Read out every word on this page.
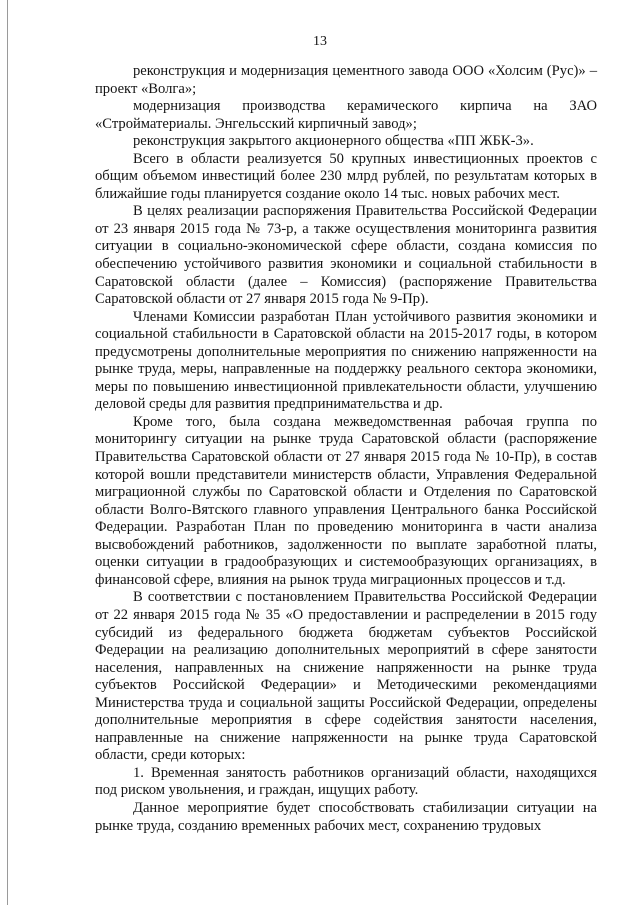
13

реконструкция и модернизация цементного завода ООО «Холсим (Рус)» – проект «Волга»;

модернизация производства керамического кирпича на ЗАО «Стройматериалы. Энгельсский кирпичный завод»;

реконструкция закрытого акционерного общества «ПП ЖБК-3».

Всего в области реализуется 50 крупных инвестиционных проектов с общим объемом инвестиций более 230 млрд рублей, по результатам которых в ближайшие годы планируется создание около 14 тыс. новых рабочих мест.

В целях реализации распоряжения Правительства Российской Федерации от 23 января 2015 года № 73-р, а также осуществления мониторинга развития ситуации в социально-экономической сфере области, создана комиссия по обеспечению устойчивого развития экономики и социальной стабильности в Саратовской области (далее – Комиссия) (распоряжение Правительства Саратовской области от 27 января 2015 года № 9-Пр).

Членами Комиссии разработан План устойчивого развития экономики и социальной стабильности в Саратовской области на 2015-2017 годы, в котором предусмотрены дополнительные мероприятия по снижению напряженности на рынке труда, меры, направленные на поддержку реального сектора экономики, меры по повышению инвестиционной привлекательности области, улучшению деловой среды для развития предпринимательства и др.

Кроме того, была создана межведомственная рабочая группа по мониторингу ситуации на рынке труда Саратовской области (распоряжение Правительства Саратовской области от 27 января 2015 года № 10-Пр), в состав которой вошли представители министерств области, Управления Федеральной миграционной службы по Саратовской области и Отделения по Саратовской области Волго-Вятского главного управления Центрального банка Российской Федерации. Разработан План по проведению мониторинга в части анализа высвобождений работников, задолженности по выплате заработной платы, оценки ситуации в градообразующих и системообразующих организациях, в финансовой сфере, влияния на рынок труда миграционных процессов и т.д.

В соответствии с постановлением Правительства Российской Федерации от 22 января 2015 года № 35 «О предоставлении и распределении в 2015 году субсидий из федерального бюджета бюджетам субъектов Российской Федерации на реализацию дополнительных мероприятий в сфере занятости населения, направленных на снижение напряженности на рынке труда субъектов Российской Федерации» и Методическими рекомендациями Министерства труда и социальной защиты Российской Федерации, определены дополнительные мероприятия в сфере содействия занятости населения, направленные на снижение напряженности на рынке труда Саратовской области, среди которых:

1. Временная занятость работников организаций области, находящихся под риском увольнения, и граждан, ищущих работу.

Данное мероприятие будет способствовать стабилизации ситуации на рынке труда, созданию временных рабочих мест, сохранению трудовых
